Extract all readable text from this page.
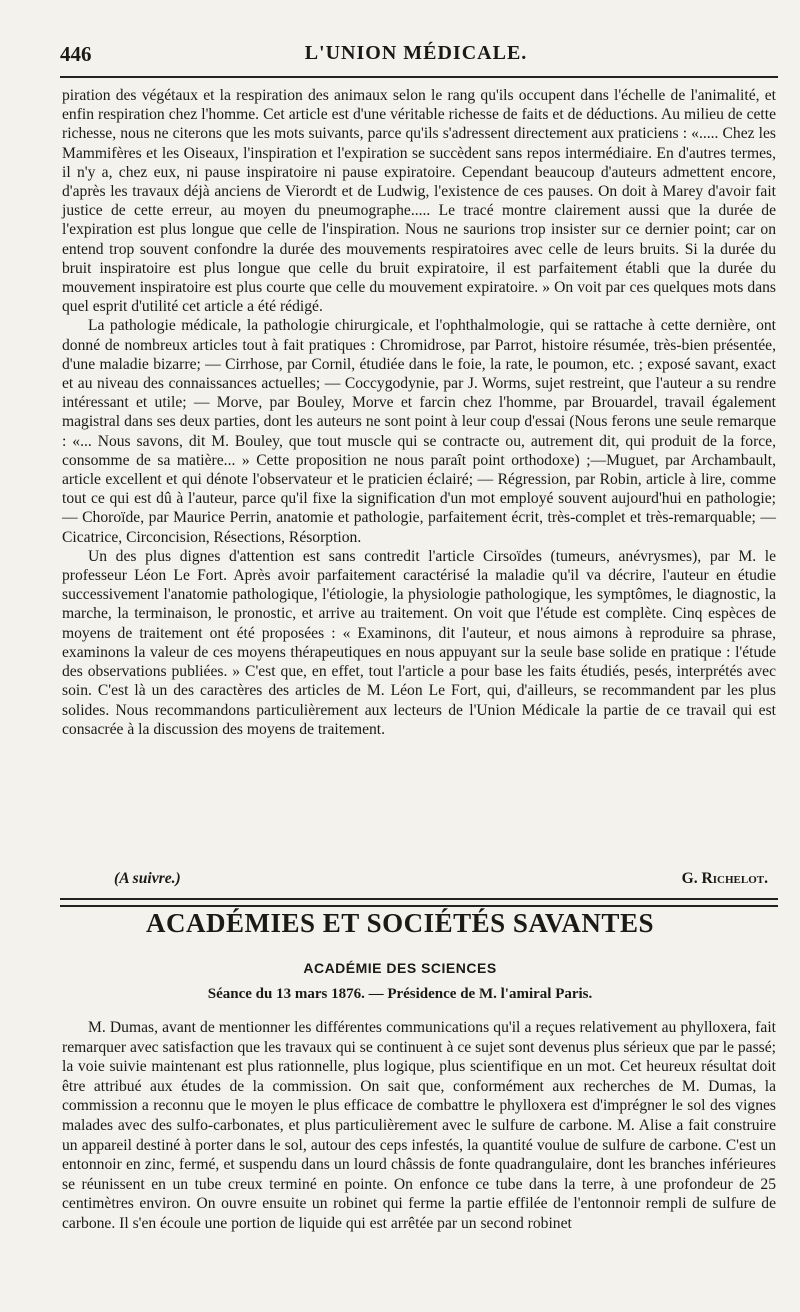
446	L'UNION MÉDICALE.

piration des végétaux et la respiration des animaux selon le rang qu'ils occupent dans l'échelle de l'animalité, et enfin respiration chez l'homme. Cet article est d'une véritable richesse de faits et de déductions. Au milieu de cette richesse, nous ne citerons que les mots suivants, parce qu'ils s'adressent directement aux praticiens : «..... Chez les Mammifères et les Oiseaux, l'inspiration et l'expiration se succèdent sans repos intermédiaire. En d'autres termes, il n'y a, chez eux, ni pause inspiratoire ni pause expiratoire. Cependant beaucoup d'auteurs admettent encore, d'après les travaux déjà anciens de Vierordt et de Ludwig, l'existence de ces pauses. On doit à Marey d'avoir fait justice de cette erreur, au moyen du pneumographe..... Le tracé montre clairement aussi que la durée de l'expiration est plus longue que celle de l'inspiration. Nous ne saurions trop insister sur ce dernier point; car on entend trop souvent confondre la durée des mouvements respiratoires avec celle de leurs bruits. Si la durée du bruit inspiratoire est plus longue que celle du bruit expiratoire, il est parfaitement établi que la durée du mouvement inspiratoire est plus courte que celle du mouvement expiratoire. » On voit par ces quelques mots dans quel esprit d'utilité cet article a été rédigé.

La pathologie médicale, la pathologie chirurgicale, et l'ophthalmologie, qui se rattache à cette dernière, ont donné de nombreux articles tout à fait pratiques : Chromidrose, par Parrot, histoire résumée, très-bien présentée, d'une maladie bizarre; — Cirrhose, par Cornil, étudiée dans le foie, la rate, le poumon, etc. ; exposé savant, exact et au niveau des connaissances actuelles; — Coccygodynie, par J. Worms, sujet restreint, que l'auteur a su rendre intéressant et utile; — Morve, par Bouley, Morve et farcin chez l'homme, par Brouardel, travail également magistral dans ses deux parties, dont les auteurs ne sont point à leur coup d'essai (Nous ferons une seule remarque : «... Nous savons, dit M. Bouley, que tout muscle qui se contracte ou, autrement dit, qui produit de la force, consomme de sa matière... » Cette proposition ne nous paraît point orthodoxe) ;—Muguet, par Archambault, article excellent et qui dénote l'observateur et le praticien éclairé; — Régression, par Robin, article à lire, comme tout ce qui est dû à l'auteur, parce qu'il fixe la signification d'un mot employé souvent aujourd'hui en pathologie; — Choroïde, par Maurice Perrin, anatomie et pathologie, parfaitement écrit, très-complet et très-remarquable; — Cicatrice, Circoncision, Résections, Résorption.

Un des plus dignes d'attention est sans contredit l'article Cirsoïdes (tumeurs, anévrysmes), par M. le professeur Léon Le Fort. Après avoir parfaitement caractérisé la maladie qu'il va décrire, l'auteur en étudie successivement l'anatomie pathologique, l'étiologie, la physiologie pathologique, les symptômes, le diagnostic, la marche, la terminaison, le pronostic, et arrive au traitement. On voit que l'étude est complète. Cinq espèces de moyens de traitement ont été proposées : « Examinons, dit l'auteur, et nous aimons à reproduire sa phrase, examinons la valeur de ces moyens thérapeutiques en nous appuyant sur la seule base solide en pratique : l'étude des observations publiées. » C'est que, en effet, tout l'article a pour base les faits étudiés, pesés, interprétés avec soin. C'est là un des caractères des articles de M. Léon Le Fort, qui, d'ailleurs, se recommandent par les plus solides. Nous recommandons particulièrement aux lecteurs de l'Union Médicale la partie de ce travail qui est consacrée à la discussion des moyens de traitement.

(A suivre.)	G. Richelot.
ACADÉMIES ET SOCIÉTÉS SAVANTES
ACADÉMIE DES SCIENCES
Séance du 13 mars 1876. — Présidence de M. l'amiral Paris.

M. Dumas, avant de mentionner les différentes communications qu'il a reçues relativement au phylloxera, fait remarquer avec satisfaction que les travaux qui se continuent à ce sujet sont devenus plus sérieux que par le passé; la voie suivie maintenant est plus rationnelle, plus logique, plus scientifique en un mot. Cet heureux résultat doit être attribué aux études de la commission. On sait que, conformément aux recherches de M. Dumas, la commission a reconnu que le moyen le plus efficace de combattre le phylloxera est d'imprégner le sol des vignes malades avec des sulfo-carbonates, et plus particulièrement avec le sulfure de carbone. M. Alise a fait construire un appareil destiné à porter dans le sol, autour des ceps infestés, la quantité voulue de sulfure de carbone. C'est un entonnoir en zinc, fermé, et suspendu dans un lourd châssis de fonte quadrangulaire, dont les branches inférieures se réunissent en un tube creux terminé en pointe. On enfonce ce tube dans la terre, à une profondeur de 25 centimètres environ. On ouvre ensuite un robinet qui ferme la partie effilée de l'entonnoir rempli de sulfure de carbone. Il s'en écoule une portion de liquide qui est arrêtée par un second robinet
